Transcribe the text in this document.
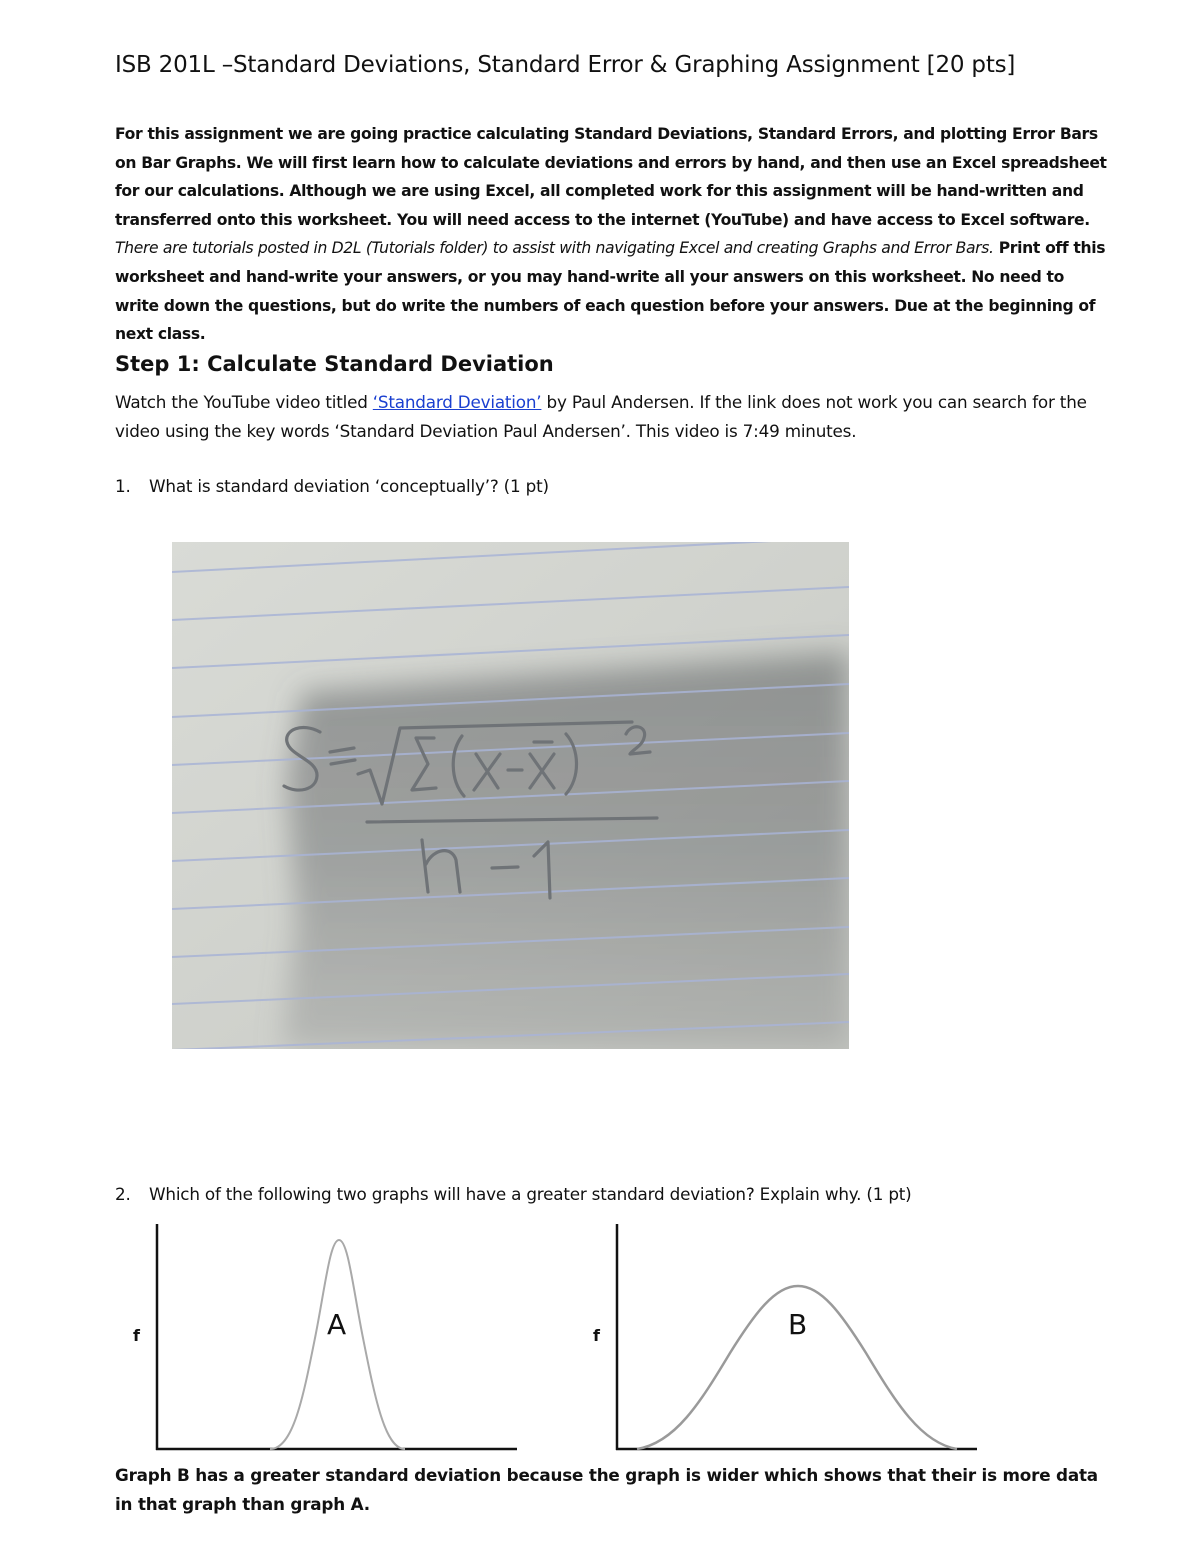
ISB 201L –Standard Deviations, Standard Error & Graphing Assignment [20 pts]
For this assignment we are going practice calculating Standard Deviations, Standard Errors, and plotting Error Bars on Bar Graphs. We will first learn how to calculate deviations and errors by hand, and then use an Excel spreadsheet for our calculations. Although we are using Excel, all completed work for this assignment will be hand-written and transferred onto this worksheet. You will need access to the internet (YouTube) and have access to Excel software. There are tutorials posted in D2L (Tutorials folder) to assist with navigating Excel and creating Graphs and Error Bars. Print off this worksheet and hand-write your answers, or you may hand-write all your answers on this worksheet. No need to write down the questions, but do write the numbers of each question before your answers. Due at the beginning of next class.
Step 1: Calculate Standard Deviation
Watch the YouTube video titled ‘Standard Deviation’ by Paul Andersen. If the link does not work you can search for the video using the key words ‘Standard Deviation Paul Andersen’. This video is 7:49 minutes.
1. What is standard deviation ‘conceptually’? (1 pt)
2. Which of the following two graphs will have a greater standard deviation? Explain why. (1 pt)
f	A	f	B
Graph B has a greater standard deviation because the graph is wider which shows that their is more data in that graph than graph A.
